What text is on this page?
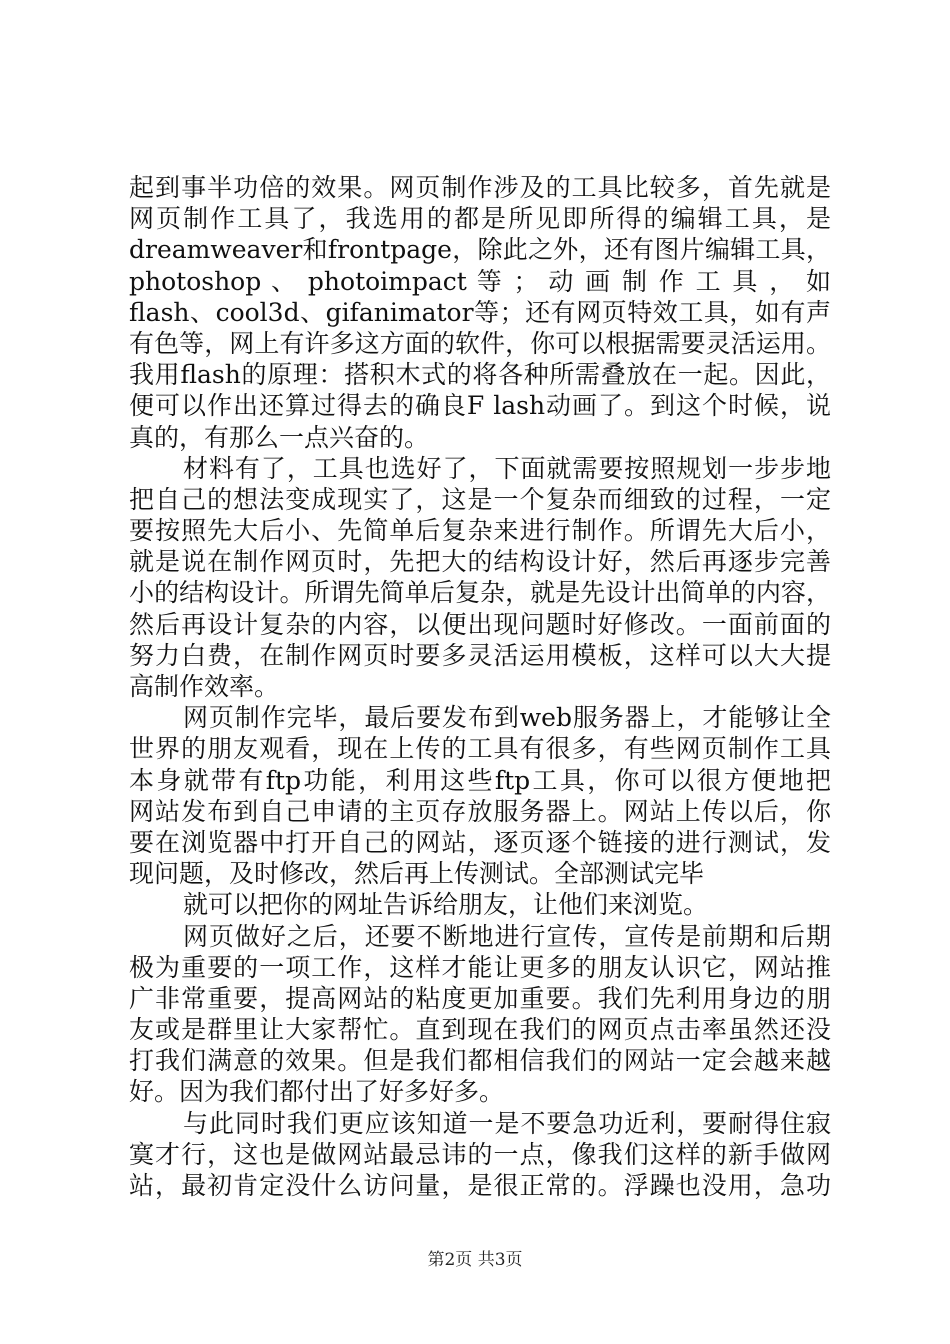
起到事半功倍的效果。网页制作涉及的工具比较多，首先就是
网页制作工具了，我选用的都是所见即所得的编辑工具，是
dreamweaver和frontpage，除此之外，还有图片编辑工具，
photoshop 、 photoimpact 等 ； 动 画 制 作 工 具 ， 如
flash、cool3d、gifanimator等；还有网页特效工具，如有声
有色等，网上有许多这方面的软件，你可以根据需要灵活运用。
我用flash的原理：搭积木式的将各种所需叠放在一起。因此，
便可以作出还算过得去的确良F lash动画了。到这个时候，说
真的，有那么一点兴奋的。
材料有了，工具也选好了，下面就需要按照规划一步步地
把自己的想法变成现实了，这是一个复杂而细致的过程，一定
要按照先大后小、先简单后复杂来进行制作。所谓先大后小，
就是说在制作网页时，先把大的结构设计好，然后再逐步完善
小的结构设计。所谓先简单后复杂，就是先设计出简单的内容，
然后再设计复杂的内容，以便出现问题时好修改。一面前面的
努力白费，在制作网页时要多灵活运用模板，这样可以大大提
高制作效率。
网页制作完毕，最后要发布到web服务器上，才能够让全
世界的朋友观看，现在上传的工具有很多，有些网页制作工具
本身就带有ftp功能，利用这些ftp工具，你可以很方便地把
网站发布到自己申请的主页存放服务器上。网站上传以后，你
要在浏览器中打开自己的网站，逐页逐个链接的进行测试，发
现问题，及时修改，然后再上传测试。全部测试完毕
就可以把你的网址告诉给朋友，让他们来浏览。
网页做好之后，还要不断地进行宣传，宣传是前期和后期
极为重要的一项工作，这样才能让更多的朋友认识它，网站推
广非常重要，提高网站的粘度更加重要。我们先利用身边的朋
友或是群里让大家帮忙。直到现在我们的网页点击率虽然还没
打我们满意的效果。但是我们都相信我们的网站一定会越来越
好。因为我们都付出了好多好多。
与此同时我们更应该知道一是不要急功近利，要耐得住寂
寞才行，这也是做网站最忌讳的一点，像我们这样的新手做网
站，最初肯定没什么访问量，是很正常的。浮躁也没用，急功
第2页 共3页
